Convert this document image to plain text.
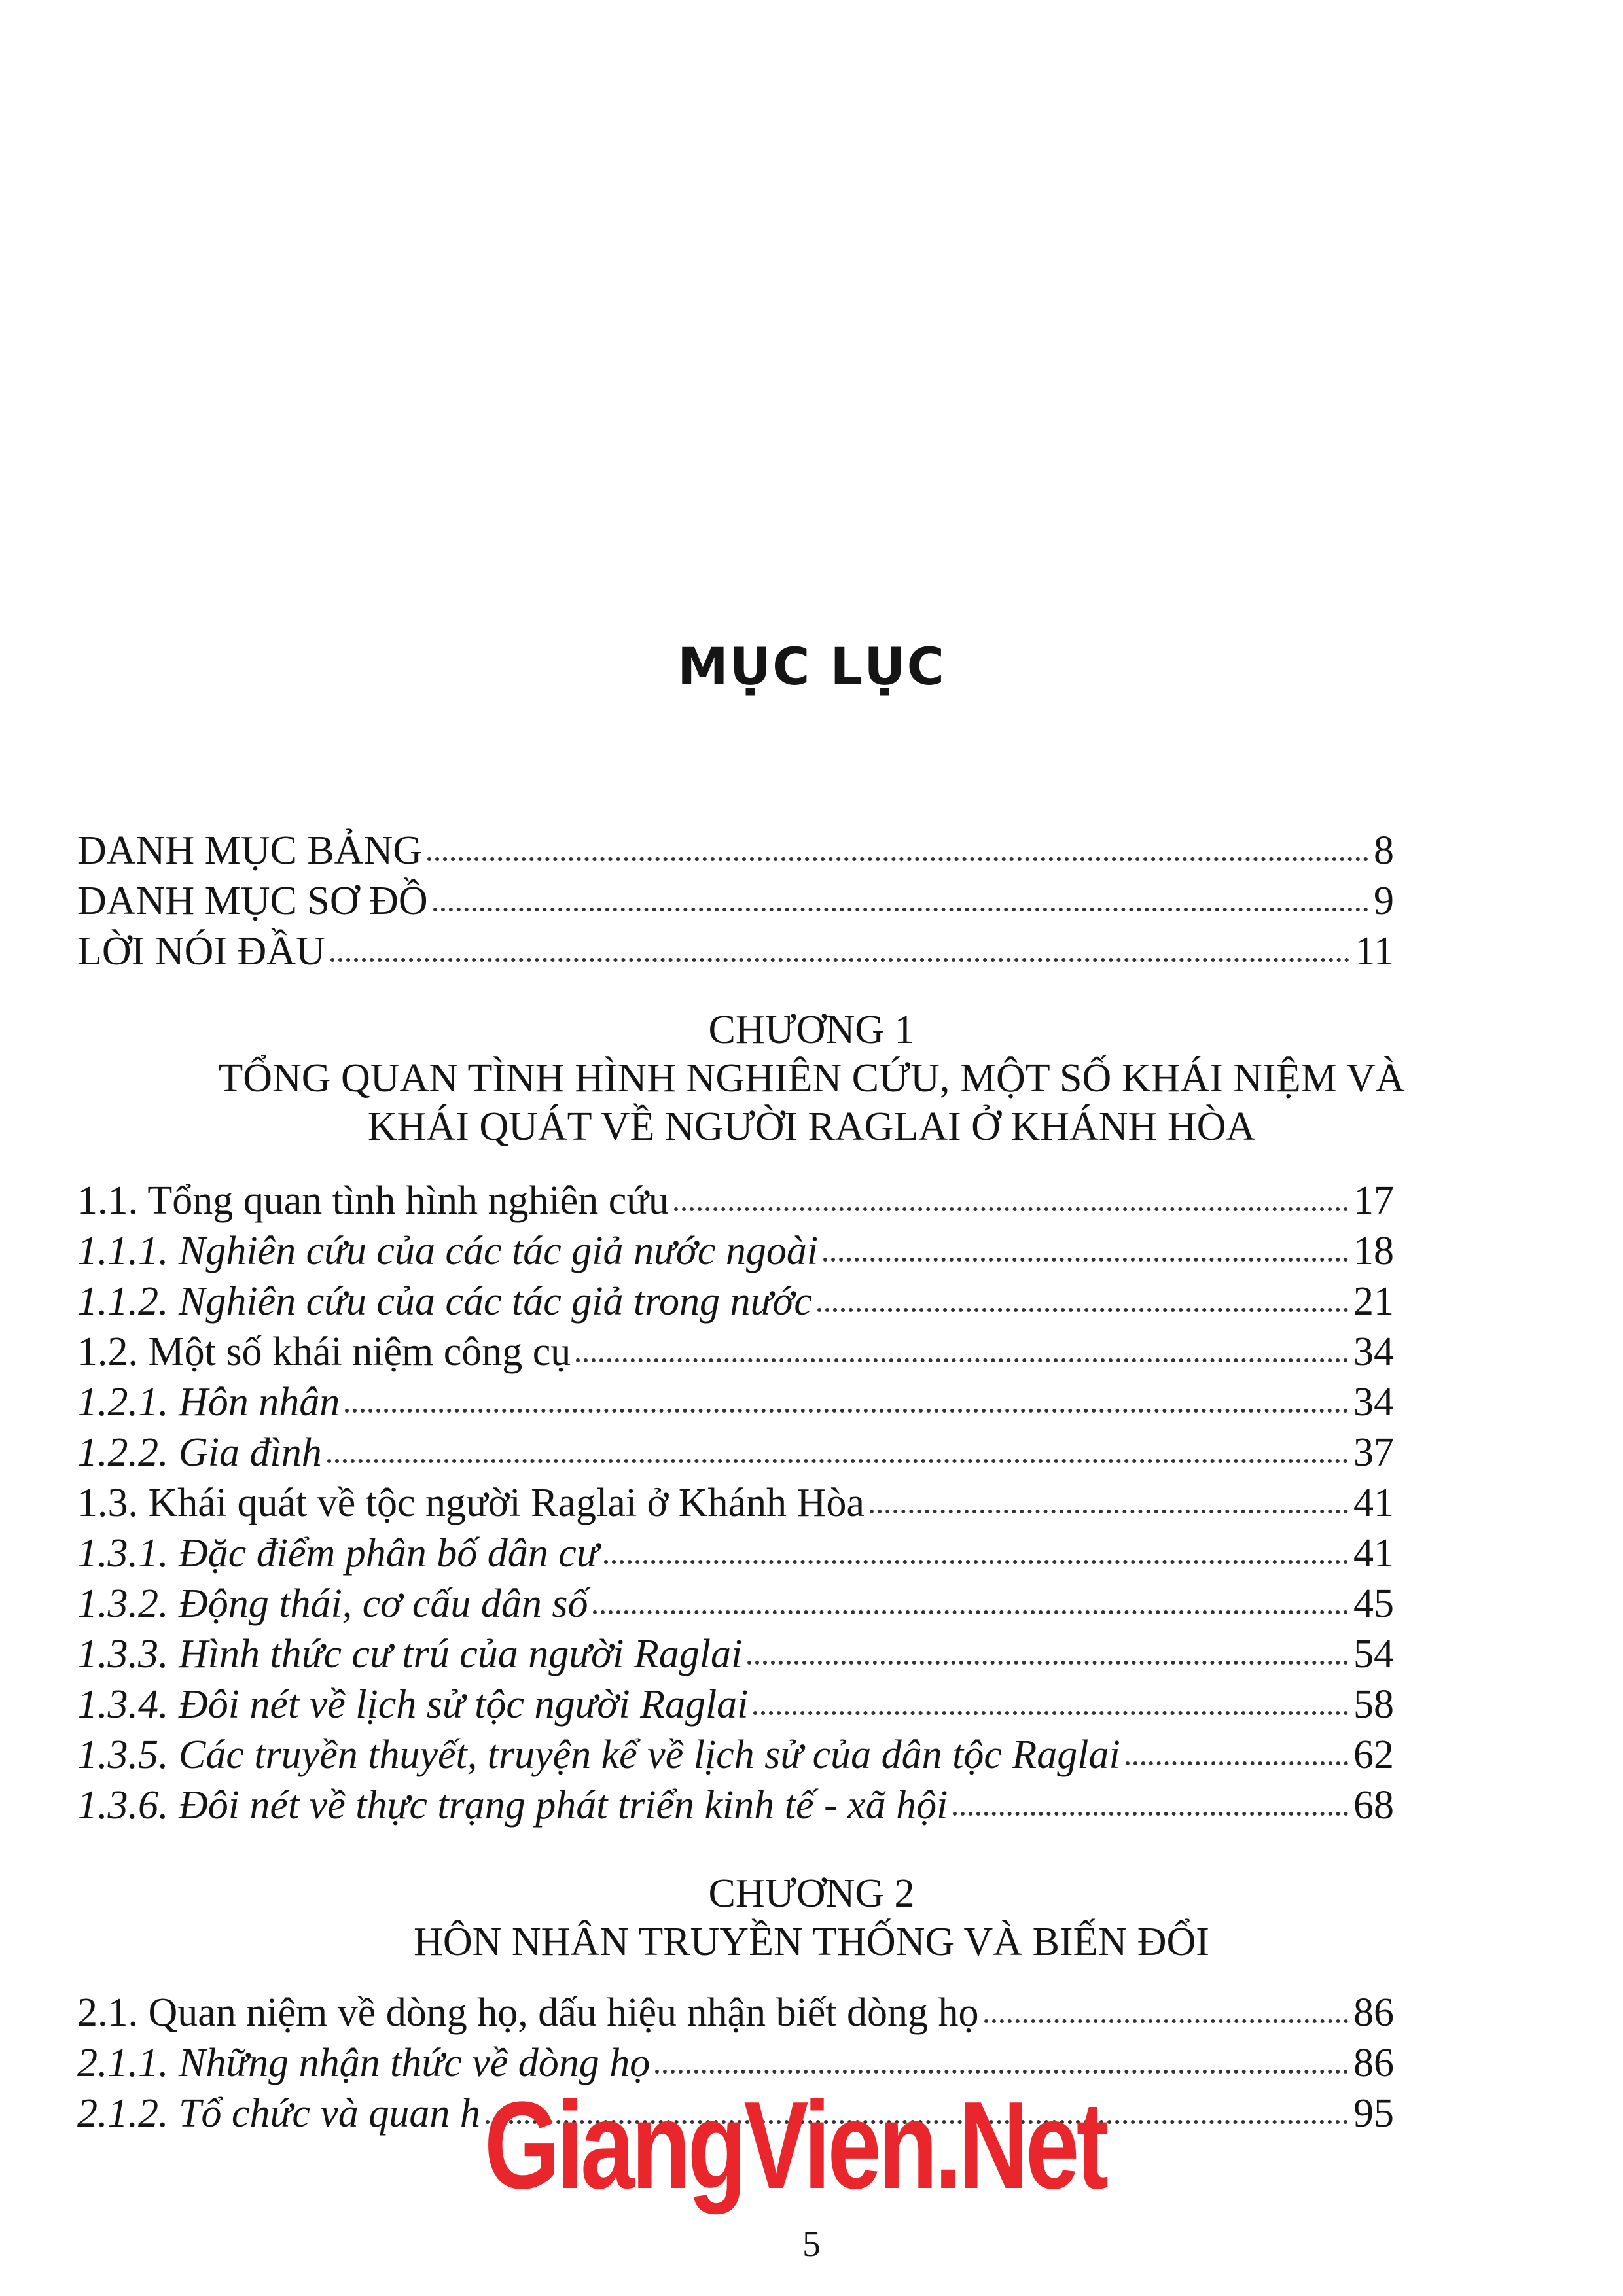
MỤC LỤC
DANH MỤC BẢNG	8
DANH MỤC SƠ ĐỒ	9
LỜI NÓI ĐẦU	11
CHƯƠNG 1
TỔNG QUAN TÌNH HÌNH NGHIÊN CỨU, MỘT SỐ KHÁI NIỆM VÀ
KHÁI QUÁT VỀ NGƯỜI RAGLAI Ở KHÁNH HÒA
1.1. Tổng quan tình hình nghiên cứu	17
1.1.1. Nghiên cứu của các tác giả nước ngoài	18
1.1.2. Nghiên cứu của các tác giả trong nước	21
1.2. Một số khái niệm công cụ	34
1.2.1. Hôn nhân	34
1.2.2. Gia đình	37
1.3. Khái quát về tộc người Raglai ở Khánh Hòa	41
1.3.1. Đặc điểm phân bố dân cư	41
1.3.2. Động thái, cơ cấu dân số	45
1.3.3. Hình thức cư trú của người Raglai	54
1.3.4. Đôi nét về lịch sử tộc người Raglai	58
1.3.5. Các truyền thuyết, truyện kể về lịch sử của dân tộc Raglai	62
1.3.6. Đôi nét về thực trạng phát triển kinh tế - xã hội	68
CHƯƠNG 2
HÔN NHÂN TRUYỀN THỐNG VÀ BIẾN ĐỔI
2.1. Quan niệm về dòng họ, dấu hiệu nhận biết dòng họ	86
2.1.1. Những nhận thức về dòng họ	86
2.1.2. Tổ chức và quan h	95
GiangVien.Net
5
